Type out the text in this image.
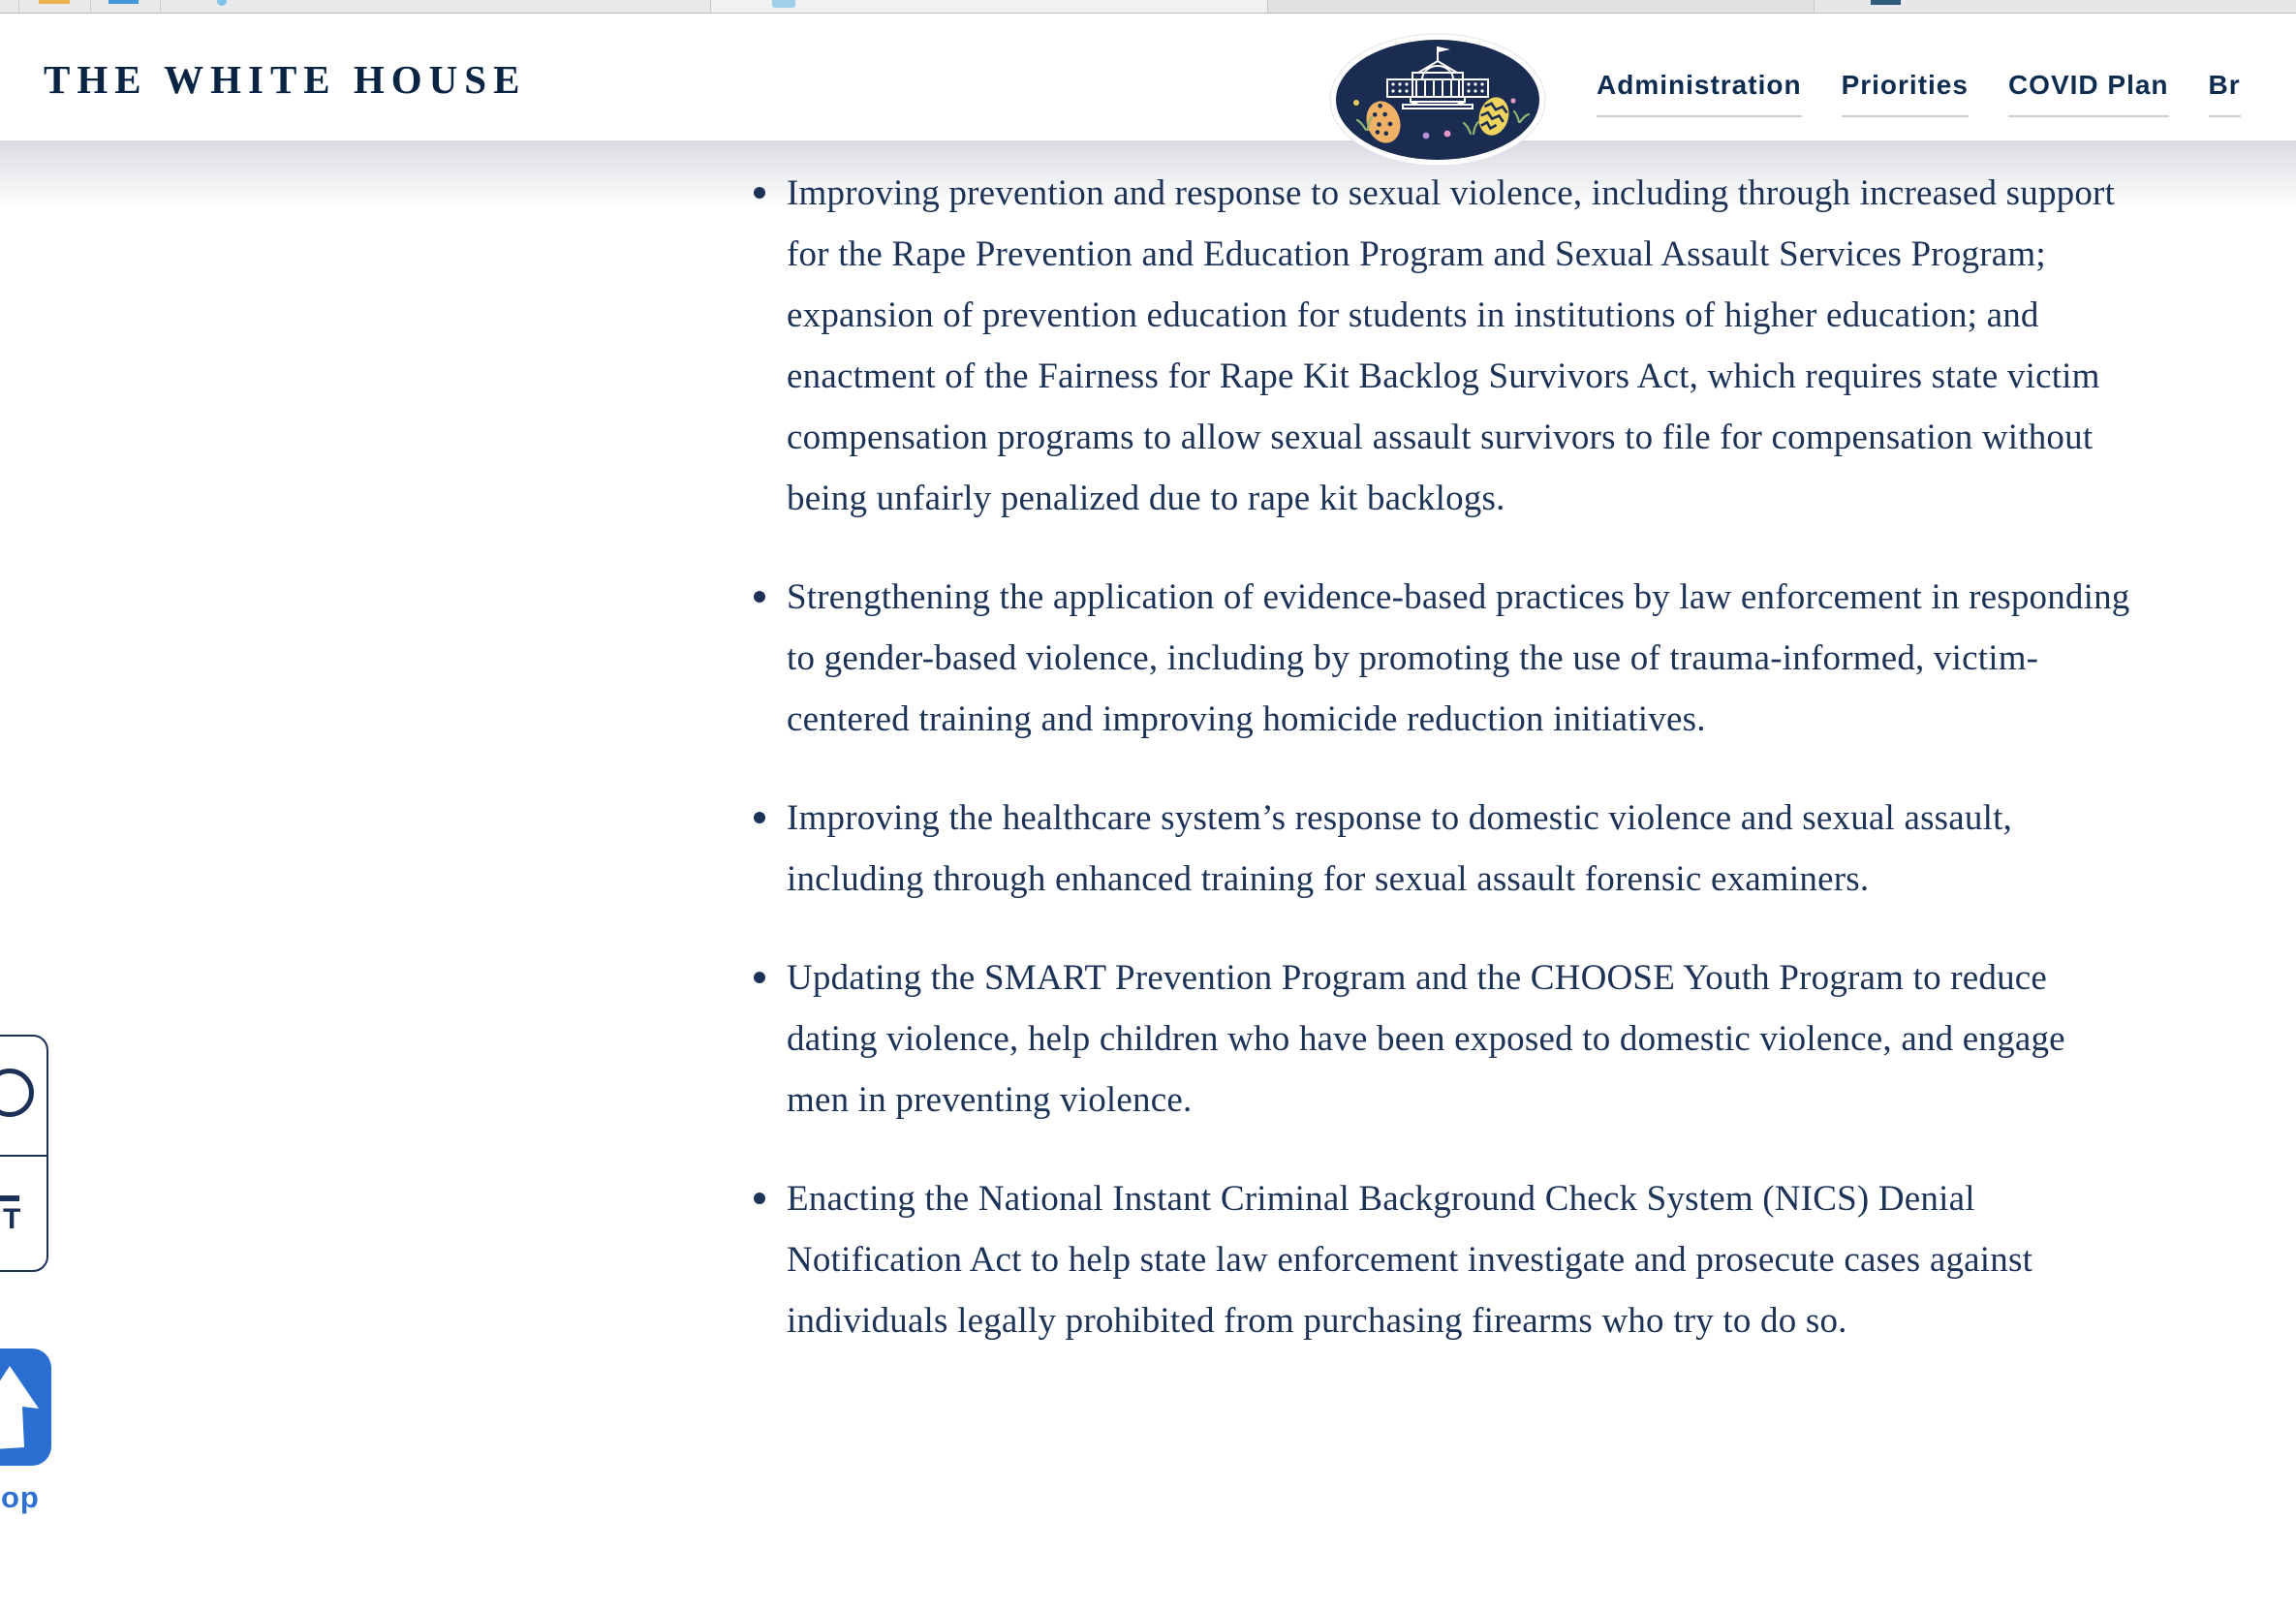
THE WHITE HOUSE	Administration Priorities COVID Plan Br
Improving prevention and response to sexual violence, including through increased support for the Rape Prevention and Education Program and Sexual Assault Services Program; expansion of prevention education for students in institutions of higher education; and enactment of the Fairness for Rape Kit Backlog Survivors Act, which requires state victim compensation programs to allow sexual assault survivors to file for compensation without being unfairly penalized due to rape kit backlogs.
Strengthening the application of evidence-based practices by law enforcement in responding to gender-based violence, including by promoting the use of trauma-informed, victim-centered training and improving homicide reduction initiatives.
Improving the healthcare system’s response to domestic violence and sexual assault, including through enhanced training for sexual assault forensic examiners.
Updating the SMART Prevention Program and the CHOOSE Youth Program to reduce dating violence, help children who have been exposed to domestic violence, and engage men in preventing violence.
Enacting the National Instant Criminal Background Check System (NICS) Denial Notification Act to help state law enforcement investigate and prosecute cases against individuals legally prohibited from purchasing firearms who try to do so.
T
op
